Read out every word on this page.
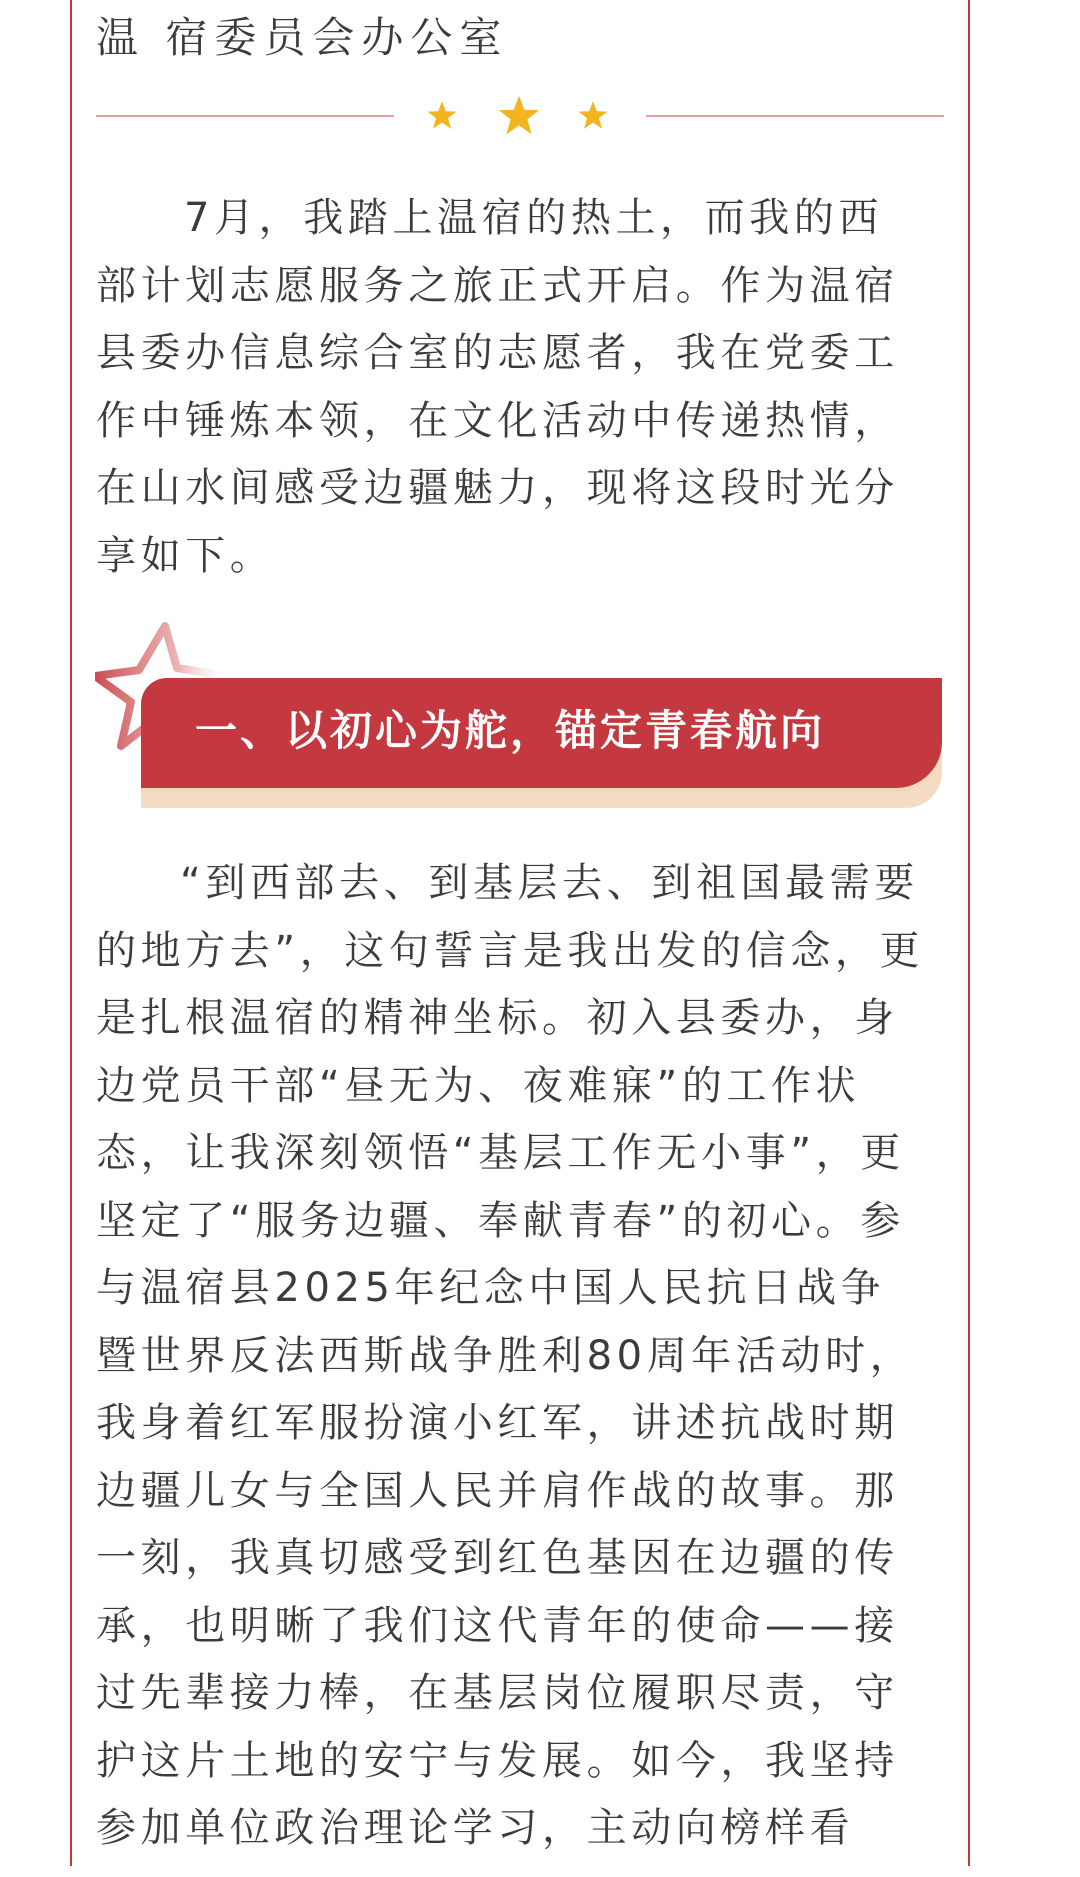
温 宿委员会办公室
7月，我踏上温宿的热土，而我的西
部计划志愿服务之旅正式开启。作为温宿
县委办信息综合室的志愿者，我在党委工
作中锤炼本领，在文化活动中传递热情，
在山水间感受边疆魅力，现将这段时光分
享如下。
一、以初心为舵，锚定青春航向
“到西部去、到基层去、到祖国最需要
的地方去”，这句誓言是我出发的信念，更
是扎根温宿的精神坐标。初入县委办，身
边党员干部“昼无为、夜难寐”的工作状
态，让我深刻领悟“基层工作无小事”，更
坚定了“服务边疆、奉献青春”的初心。参
与温宿县2025年纪念中国人民抗日战争
暨世界反法西斯战争胜利80周年活动时，
我身着红军服扮演小红军，讲述抗战时期
边疆儿女与全国人民并肩作战的故事。那
一刻，我真切感受到红色基因在边疆的传
承，也明晰了我们这代青年的使命——接
过先辈接力棒，在基层岗位履职尽责，守
护这片土地的安宁与发展。如今，我坚持
参加单位政治理论学习，主动向榜样看
